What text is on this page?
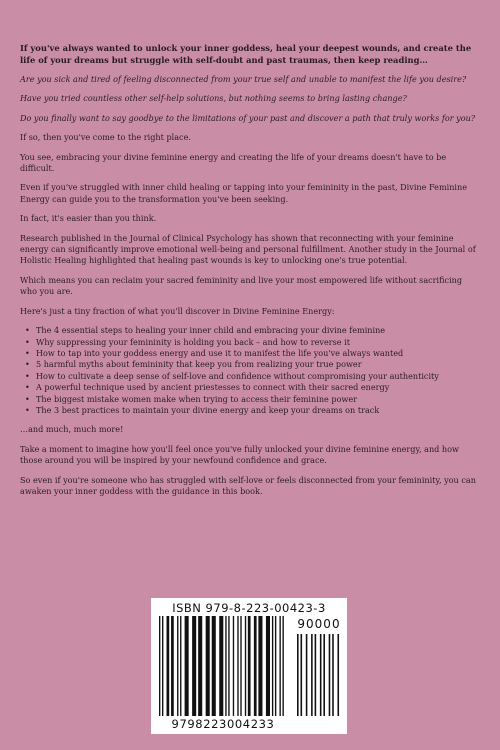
If you've always wanted to unlock your inner goddess, heal your deepest wounds, and create the life of your dreams but struggle with self-doubt and past traumas, then keep reading…

Are you sick and tired of feeling disconnected from your true self and unable to manifest the life you desire?

Have you tried countless other self-help solutions, but nothing seems to bring lasting change?

Do you finally want to say goodbye to the limitations of your past and discover a path that truly works for you?

If so, then you've come to the right place.

You see, embracing your divine feminine energy and creating the life of your dreams doesn't have to be difficult.

Even if you've struggled with inner child healing or tapping into your femininity in the past, Divine Feminine Energy can guide you to the transformation you've been seeking.

In fact, it's easier than you think.

Research published in the Journal of Clinical Psychology has shown that reconnecting with your feminine energy can significantly improve emotional well-being and personal fulfillment. Another study in the Journal of Holistic Healing highlighted that healing past wounds is key to unlocking one's true potential.

Which means you can reclaim your sacred femininity and live your most empowered life without sacrificing who you are.

Here's just a tiny fraction of what you'll discover in Divine Feminine Energy:

• The 4 essential steps to healing your inner child and embracing your divine feminine
• Why suppressing your femininity is holding you back – and how to reverse it
• How to tap into your goddess energy and use it to manifest the life you've always wanted
• 5 harmful myths about femininity that keep you from realizing your true power
• How to cultivate a deep sense of self-love and confidence without compromising your authenticity
• A powerful technique used by ancient priestesses to connect with their sacred energy
• The biggest mistake women make when trying to access their feminine power
• The 3 best practices to maintain your divine energy and keep your dreams on track

…and much, much more!

Take a moment to imagine how you'll feel once you've fully unlocked your divine feminine energy, and how those around you will be inspired by your newfound confidence and grace.

So even if you're someone who has struggled with self-love or feels disconnected from your femininity, you can awaken your inner goddess with the guidance in this book.

ISBN 979-8-223-00423-3
90000
9798223004233
